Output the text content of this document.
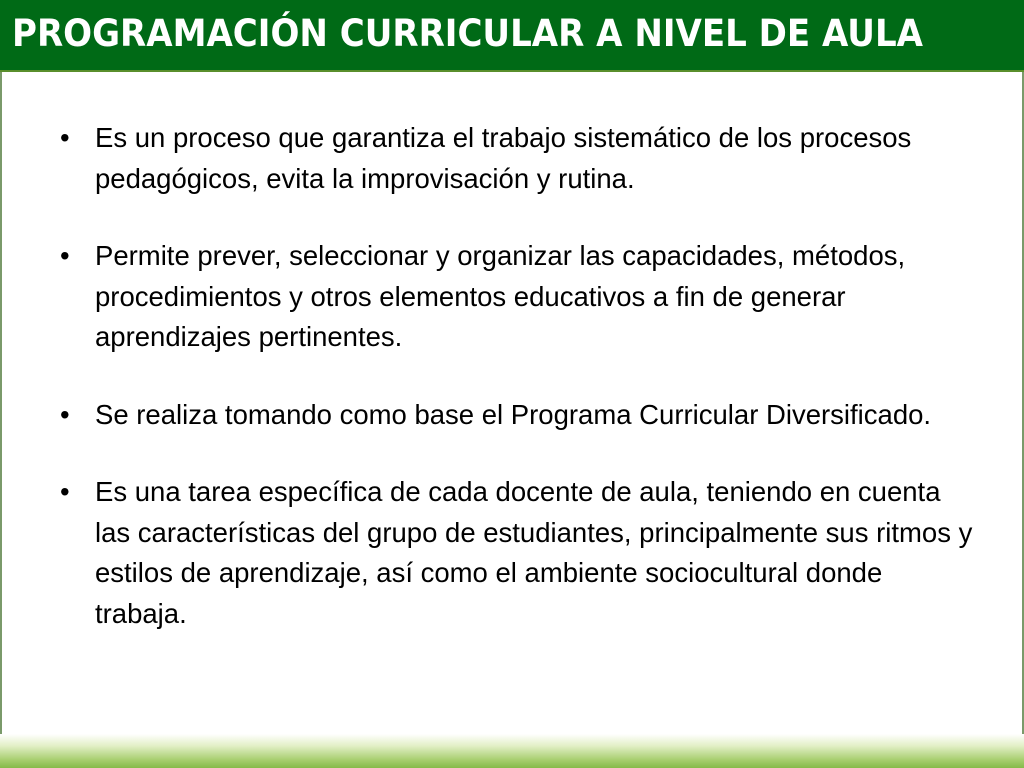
PROGRAMACIÓN CURRICULAR A NIVEL DE AULA
• Es un proceso que garantiza el trabajo sistemático de los procesos pedagógicos, evita la improvisación y rutina.
• Permite prever, seleccionar y organizar las capacidades, métodos, procedimientos y otros elementos educativos a fin de generar aprendizajes pertinentes.
• Se realiza tomando como base el Programa Curricular Diversificado.
• Es una tarea específica de cada docente de aula, teniendo en cuenta las características del grupo de estudiantes, principalmente sus ritmos y estilos de aprendizaje, así como el ambiente sociocultural donde trabaja.
